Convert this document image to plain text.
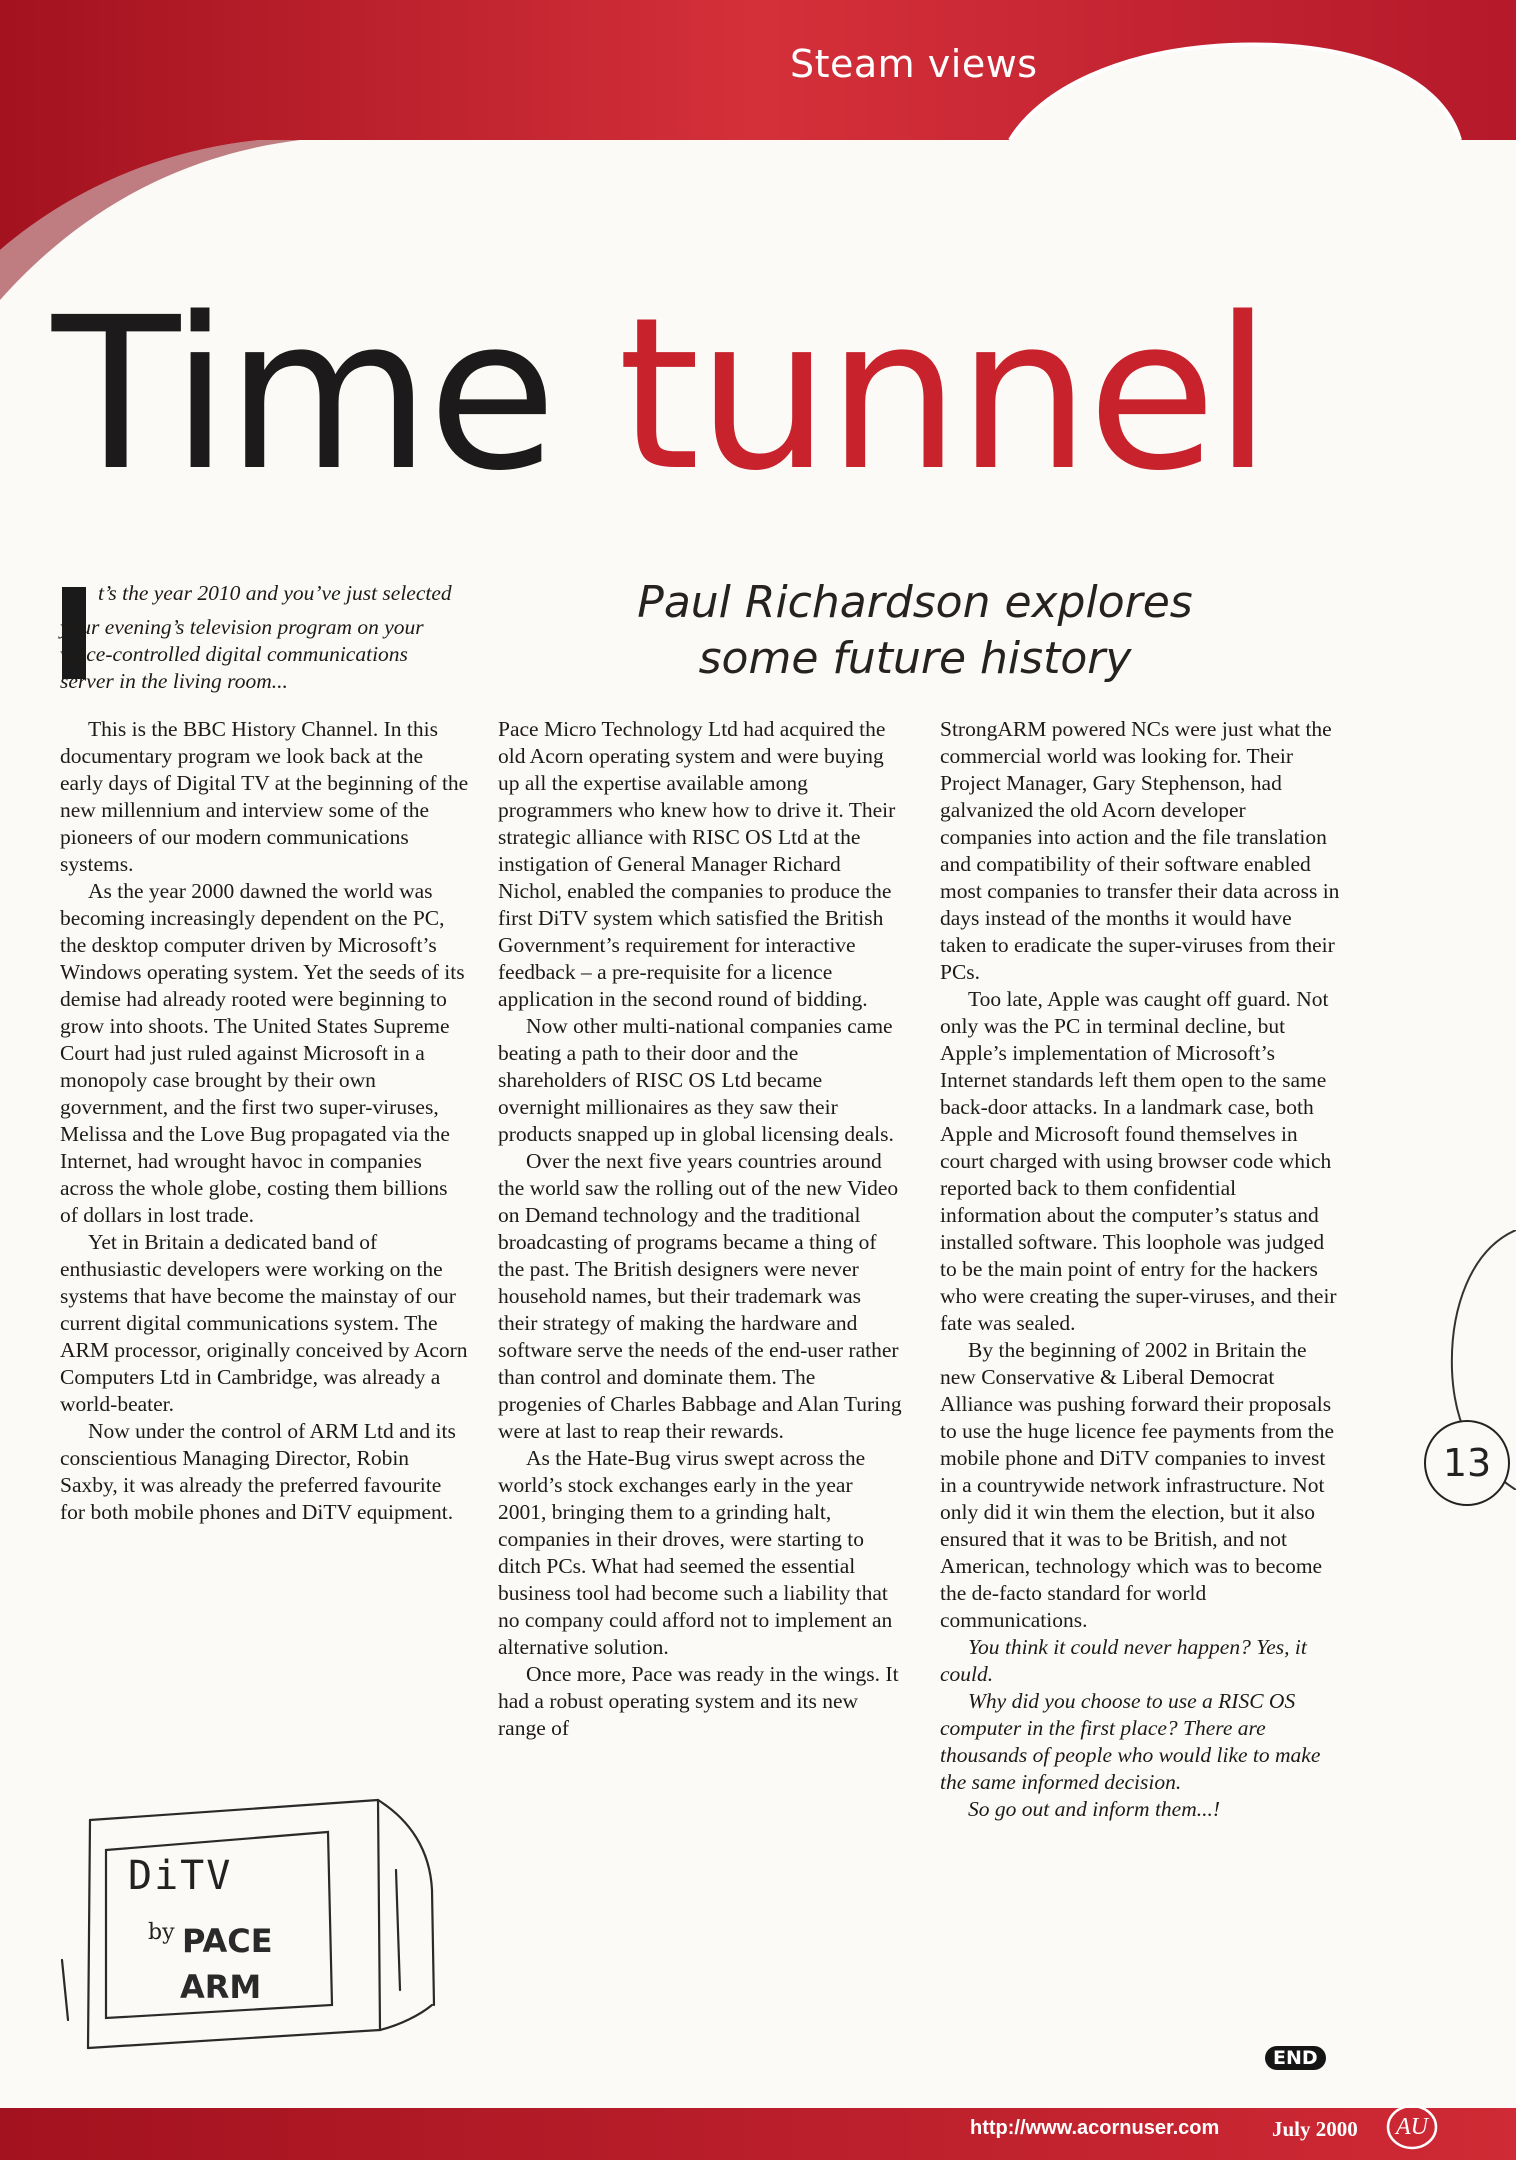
Steam views
Time tunnel

t’s the year 2010 and you’ve just selected your evening’s television program on your voice-controlled digital communications server in the living room...

Paul Richardson explores
some future history

This is the BBC History Channel. In this documentary program we look back at the early days of Digital TV at the beginning of the new millennium and interview some of the pioneers of our modern communications systems.

As the year 2000 dawned the world was becoming increasingly dependent on the PC, the desktop computer driven by Microsoft’s Windows operating system. Yet the seeds of its demise had already rooted were beginning to grow into shoots. The United States Supreme Court had just ruled against Microsoft in a monopoly case brought by their own government, and the first two super-viruses, Melissa and the Love Bug propagated via the Internet, had wrought havoc in companies across the whole globe, costing them billions of dollars in lost trade.

Yet in Britain a dedicated band of enthusiastic developers were working on the systems that have become the mainstay of our current digital communications system. The ARM processor, originally conceived by Acorn Computers Ltd in Cambridge, was already a world-beater.

Now under the control of ARM Ltd and its conscientious Managing Director, Robin Saxby, it was already the preferred favourite for both mobile phones and DiTV equipment.

Pace Micro Technology Ltd had acquired the old Acorn operating system and were buying up all the expertise available among programmers who knew how to drive it. Their strategic alliance with RISC OS Ltd at the instigation of General Manager Richard Nichol, enabled the companies to produce the first DiTV system which satisfied the British Government’s requirement for interactive feedback – a pre-requisite for a licence application in the second round of bidding.

Now other multi-national companies came beating a path to their door and the shareholders of RISC OS Ltd became overnight millionaires as they saw their products snapped up in global licensing deals.

Over the next five years countries around the world saw the rolling out of the new Video on Demand technology and the traditional broadcasting of programs became a thing of the past. The British designers were never household names, but their trademark was their strategy of making the hardware and software serve the needs of the end-user rather than control and dominate them. The progenies of Charles Babbage and Alan Turing were at last to reap their rewards.

As the Hate-Bug virus swept across the world’s stock exchanges early in the year 2001, bringing them to a grinding halt, companies in their droves, were starting to ditch PCs. What had seemed the essential business tool had become such a liability that no company could afford not to implement an alternative solution.

Once more, Pace was ready in the wings. It had a robust operating system and its new range of

StrongARM powered NCs were just what the commercial world was looking for. Their Project Manager, Gary Stephenson, had galvanized the old Acorn developer companies into action and the file translation and compatibility of their software enabled most companies to transfer their data across in days instead of the months it would have taken to eradicate the super-viruses from their PCs.

Too late, Apple was caught off guard. Not only was the PC in terminal decline, but Apple’s implementation of Microsoft’s Internet standards left them open to the same back-door attacks. In a landmark case, both Apple and Microsoft found themselves in court charged with using browser code which reported back to them confidential information about the computer’s status and installed software. This loophole was judged to be the main point of entry for the hackers who were creating the super-viruses, and their fate was sealed.

By the beginning of 2002 in Britain the new Conservative & Liberal Democrat Alliance was pushing forward their proposals to use the huge licence fee payments from the mobile phone and DiTV companies to invest in a countrywide network infrastructure. Not only did it win them the election, but it also ensured that it was to be British, and not American, technology which was to become the de-facto standard for world communications.

You think it could never happen? Yes, it could.

Why did you choose to use a RISC OS computer in the first place? There are thousands of people who would like to make the same informed decision.

So go out and inform them...!

END
13
DiTV
by PACE
ARM
http://www.acornuser.com	July 2000	AU
